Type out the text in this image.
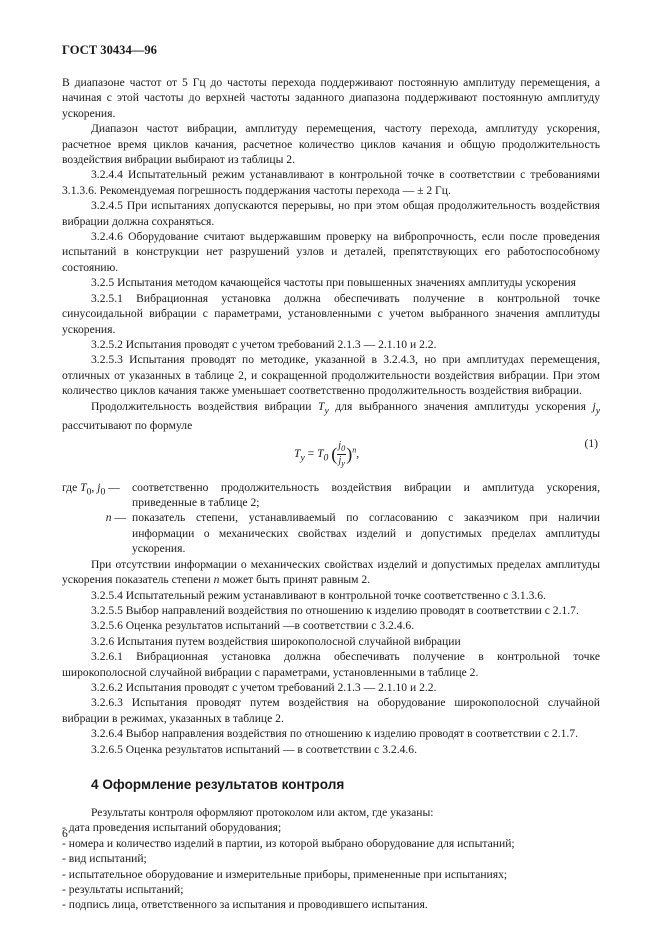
ГОСТ 30434—96

В диапазоне частот от 5 Гц до частоты перехода поддерживают постоянную амплитуду перемещения, а начиная с этой частоты до верхней частоты заданного диапазона поддерживают постоянную амплитуду ускорения.

Диапазон частот вибрации, амплитуду перемещения, частоту перехода, амплитуду ускорения, расчетное время циклов качания, расчетное количество циклов качания и общую продолжительность воздействия вибрации выбирают из таблицы 2.

3.2.4.4 Испытательный режим устанавливают в контрольной точке в соответствии с требованиями 3.1.3.6. Рекомендуемая погрешность поддержания частоты перехода — ± 2 Гц.

3.2.4.5 При испытаниях допускаются перерывы, но при этом общая продолжительность воздействия вибрации должна сохраняться.

3.2.4.6 Оборудование считают выдержавшим проверку на вибропрочность, если после проведения испытаний в конструкции нет разрушений узлов и деталей, препятствующих его работоспособному состоянию.

3.2.5 Испытания методом качающейся частоты при повышенных значениях амплитуды ускорения

3.2.5.1 Вибрационная установка должна обеспечивать получение в контрольной точке синусоидальной вибрации с параметрами, установленными с учетом выбранного значения амплитуды ускорения.

3.2.5.2 Испытания проводят с учетом требований 2.1.3 — 2.1.10 и 2.2.

3.2.5.3 Испытания проводят по методике, указанной в 3.2.4.3, но при амплитудах перемещения, отличных от указанных в таблице 2, и сокращенной продолжительности воздействия вибрации. При этом количество циклов качания также уменьшает соответственно продолжительность воздействия вибрации.

Продолжительность воздействия вибрации $T_y$ для выбранного значения амплитуды ускорения $j_y$ рассчитывают по формуле

$T_y = T_0$ ( $\frac{j_0}{j_y} )^n$,
(1)
где $T_0$, $j_0$ —	соответственно продолжительность воздействия вибрации и амплитуда ускорения, приведенные в таблице 2;
n — показатель степени, устанавливаемый по согласованию с заказчиком при наличии информации о механических свойствах изделий и допустимых пределах амплитуды ускорения.

При отсутствии информации о механических свойствах изделий и допустимых пределах амплитуды ускорения показатель степени n может быть принят равным 2.

3.2.5.4 Испытательный режим устанавливают в контрольной точке соответственно с 3.1.3.6.

3.2.5.5 Выбор направлений воздействия по отношению к изделию проводят в соответствии с 2.1.7.

3.2.5.6 Оценка результатов испытаний —в соответствии с 3.2.4.6.

3.2.6 Испытания путем воздействия широкополосной случайной вибрации

3.2.6.1 Вибрационная установка должна обеспечивать получение в контрольной точке широкополосной случайной вибрации с параметрами, установленными в таблице 2.

3.2.6.2 Испытания проводят с учетом требований 2.1.3 — 2.1.10 и 2.2.

3.2.6.3 Испытания проводят путем воздействия на оборудование широкополосной случайной вибрации в режимах, указанных в таблице 2.

3.2.6.4 Выбор направления воздействия по отношению к изделию проводят в соответствии с 2.1.7.

3.2.6.5 Оценка результатов испытаний — в соответствии с 3.2.4.6.

4 Оформление результатов контроля

Результаты контроля оформляют протоколом или актом, где указаны:

- дата проведения испытаний оборудования;

- номера и количество изделий в партии, из которой выбрано оборудование для испытаний;

- вид испытаний;

- испытательное оборудование и измерительные приборы, примененные при испытаниях;

- результаты испытаний;

- подпись лица, ответственного за испытания и проводившего испытания.

6
